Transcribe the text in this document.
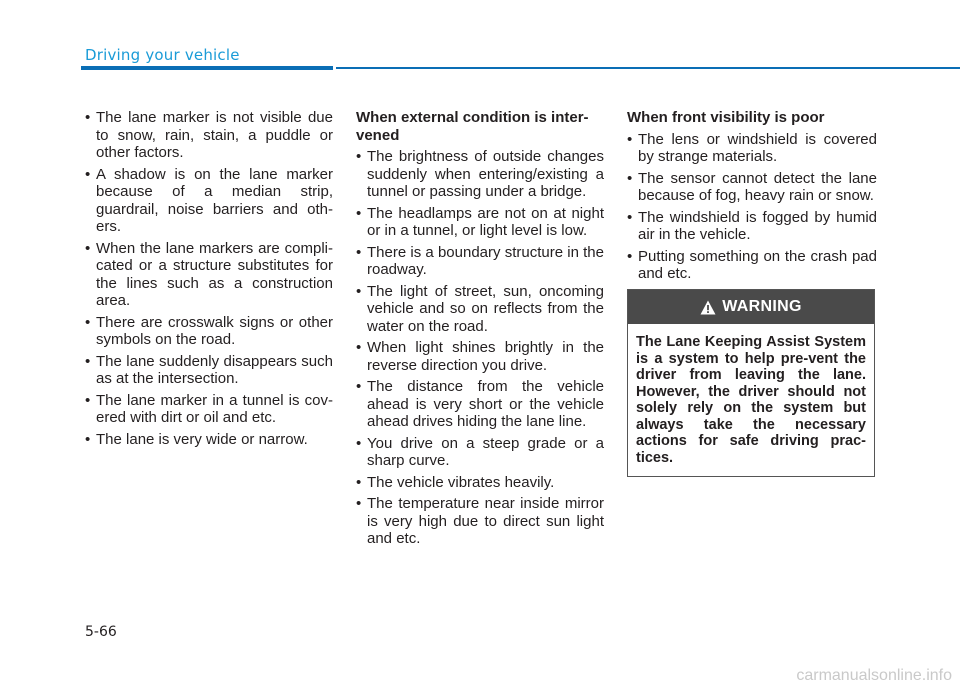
Driving your vehicle
• The lane marker is not visible due to snow, rain, stain, a puddle or other factors.
• A shadow is on the lane marker because of a median strip, guardrail, noise barriers and oth-ers.
• When the lane markers are compli-cated or a structure substitutes for the lines such as a construction area.
• There are crosswalk signs or other symbols on the road.
• The lane suddenly disappears such as at the intersection.
• The lane marker in a tunnel is cov-ered with dirt or oil and etc.
• The lane is very wide or narrow.
When external condition is inter-vened
• The brightness of outside changes suddenly when entering/existing a tunnel or passing under a bridge.
• The headlamps are not on at night or in a tunnel, or light level is low.
• There is a boundary structure in the roadway.
• The light of street, sun, oncoming vehicle and so on reflects from the water on the road.
• When light shines brightly in the reverse direction you drive.
• The distance from the vehicle ahead is very short or the vehicle ahead drives hiding the lane line.
• You drive on a steep grade or a sharp curve.
• The vehicle vibrates heavily.
• The temperature near inside mirror is very high due to direct sun light and etc.
When front visibility is poor
• The lens or windshield is covered by strange materials.
• The sensor cannot detect the lane because of fog, heavy rain or snow.
• The windshield is fogged by humid air in the vehicle.
• Putting something on the crash pad and etc.
WARNING
The Lane Keeping Assist System is a system to help pre-vent the driver from leaving the lane. However, the driver should not solely rely on the system but always take the necessary actions for safe driving prac-tices.
5-66
carmanualsonline.info
